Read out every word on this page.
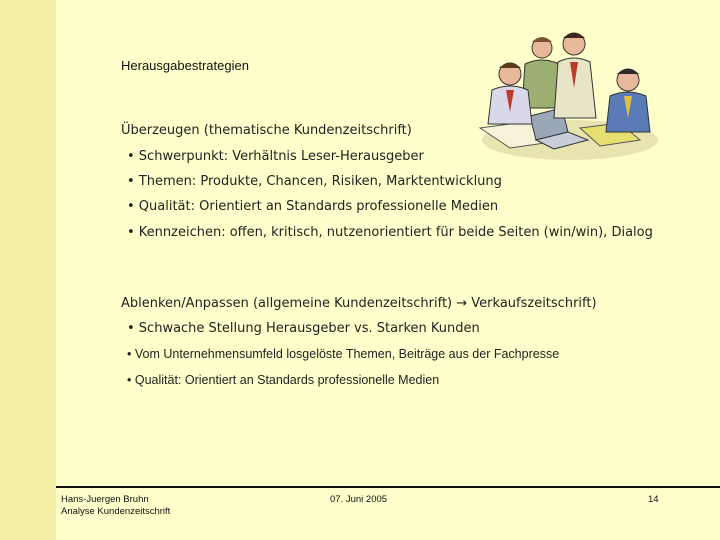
Herausgabestrategien
Überzeugen (thematische Kundenzeitschrift)
• Schwerpunkt: Verhältnis Leser-Herausgeber
• Themen: Produkte, Chancen, Risiken, Marktentwicklung
• Qualität: Orientiert an Standards professionelle Medien
• Kennzeichen: offen, kritisch, nutzenorientiert für beide Seiten (win/win), Dialog
Ablenken/Anpassen (allgemeine Kundenzeitschrift) → Verkaufszeitschrift)
• Schwache Stellung Herausgeber vs. Starken Kunden
• Vom Unternehmensumfeld losgelöste Themen, Beiträge aus der Fachpresse
• Qualität: Orientiert an Standards professionelle Medien
Hans-Juergen Bruhn
Analyse Kundenzeitschrift
07. Juni 2005	14
